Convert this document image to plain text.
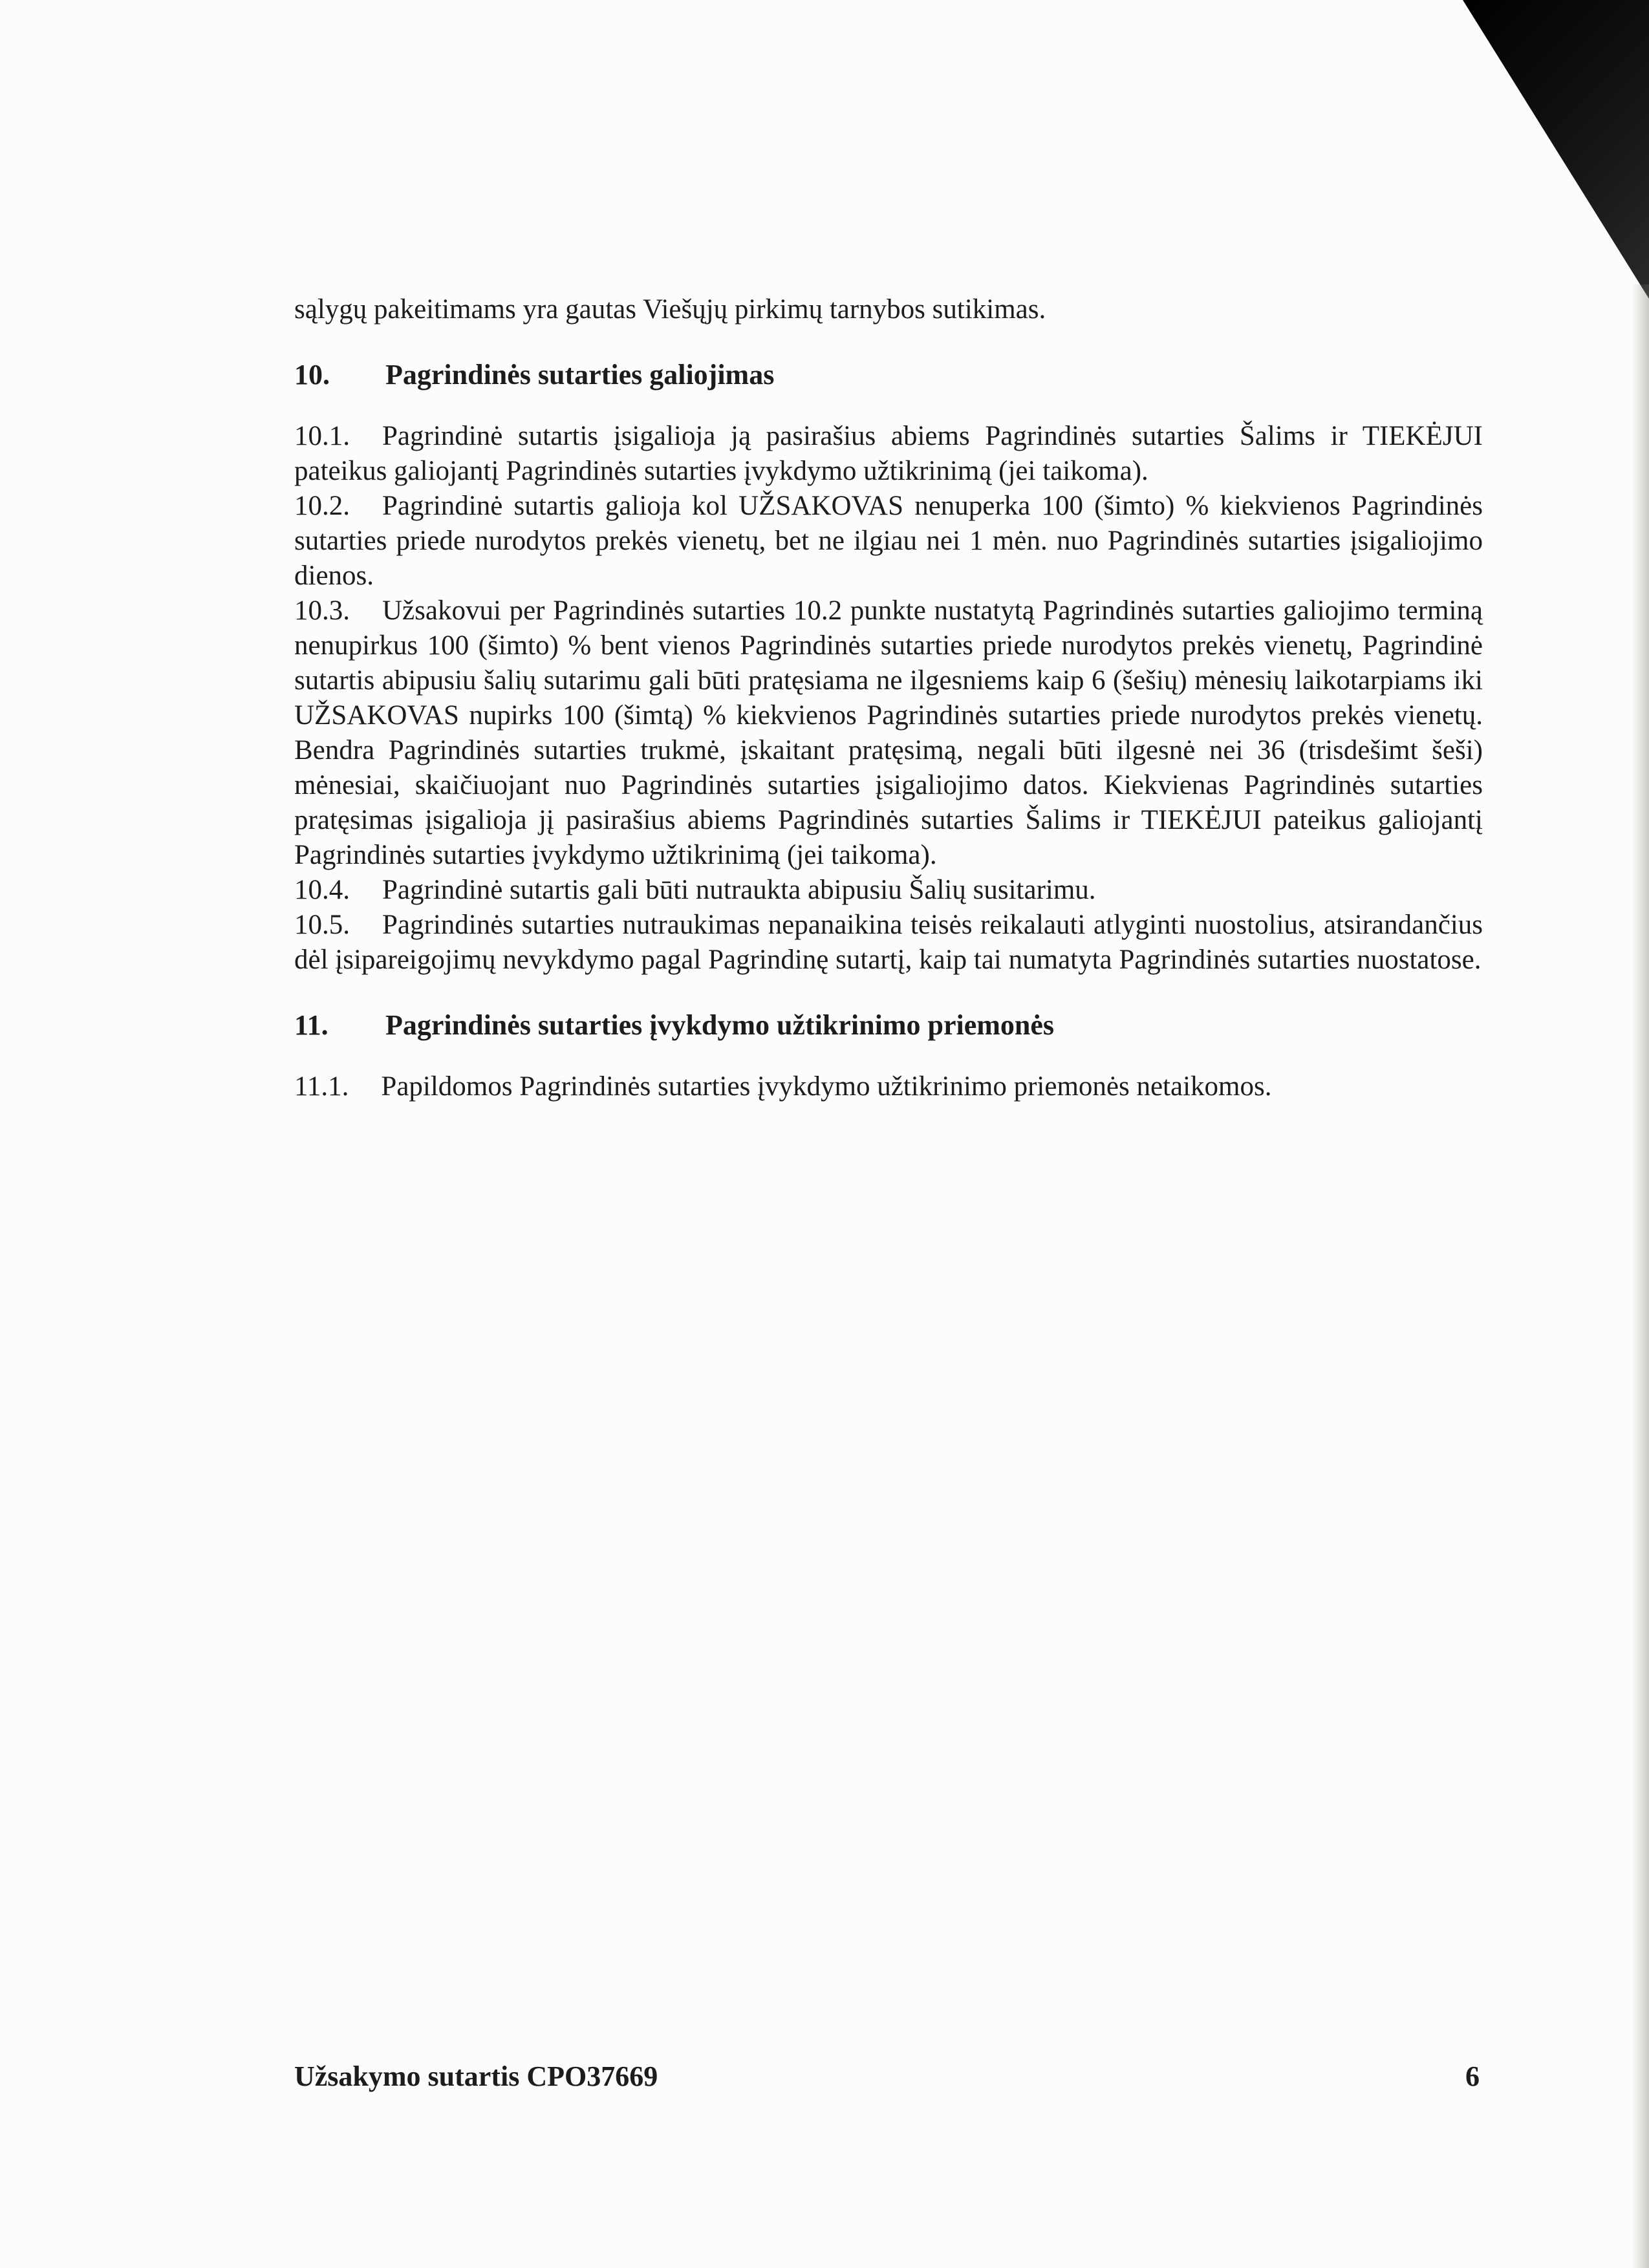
sąlygų pakeitimams yra gautas Viešųjų pirkimų tarnybos sutikimas.

10. Pagrindinės sutarties galiojimas

10.1. Pagrindinė sutartis įsigalioja ją pasirašius abiems Pagrindinės sutarties Šalims ir TIEKĖJUI pateikus galiojantį Pagrindinės sutarties įvykdymo užtikrinimą (jei taikoma).

10.2. Pagrindinė sutartis galioja kol UŽSAKOVAS nenuperka 100 (šimto) % kiekvienos Pagrindinės sutarties priede nurodytos prekės vienetų, bet ne ilgiau nei 1 mėn. nuo Pagrindinės sutarties įsigaliojimo dienos.

10.3. Užsakovui per Pagrindinės sutarties 10.2 punkte nustatytą Pagrindinės sutarties galiojimo terminą nenupirkus 100 (šimto) % bent vienos Pagrindinės sutarties priede nurodytos prekės vienetų, Pagrindinė sutartis abipusiu šalių sutarimu gali būti pratęsiama ne ilgesniems kaip 6 (šešių) mėnesių laikotarpiams iki UŽSAKOVAS nupirks 100 (šimtą) % kiekvienos Pagrindinės sutarties priede nurodytos prekės vienetų. Bendra Pagrindinės sutarties trukmė, įskaitant pratęsimą, negali būti ilgesnė nei 36 (trisdešimt šeši) mėnesiai, skaičiuojant nuo Pagrindinės sutarties įsigaliojimo datos. Kiekvienas Pagrindinės sutarties pratęsimas įsigalioja jį pasirašius abiems Pagrindinės sutarties Šalims ir TIEKĖJUI pateikus galiojantį Pagrindinės sutarties įvykdymo užtikrinimą (jei taikoma).

10.4. Pagrindinė sutartis gali būti nutraukta abipusiu Šalių susitarimu.

10.5. Pagrindinės sutarties nutraukimas nepanaikina teisės reikalauti atlyginti nuostolius, atsirandančius dėl įsipareigojimų nevykdymo pagal Pagrindinę sutartį, kaip tai numatyta Pagrindinės sutarties nuostatose.

11. Pagrindinės sutarties įvykdymo užtikrinimo priemonės

11.1. Papildomos Pagrindinės sutarties įvykdymo užtikrinimo priemonės netaikomos.

Užsakymo sutartis CPO37669	6
